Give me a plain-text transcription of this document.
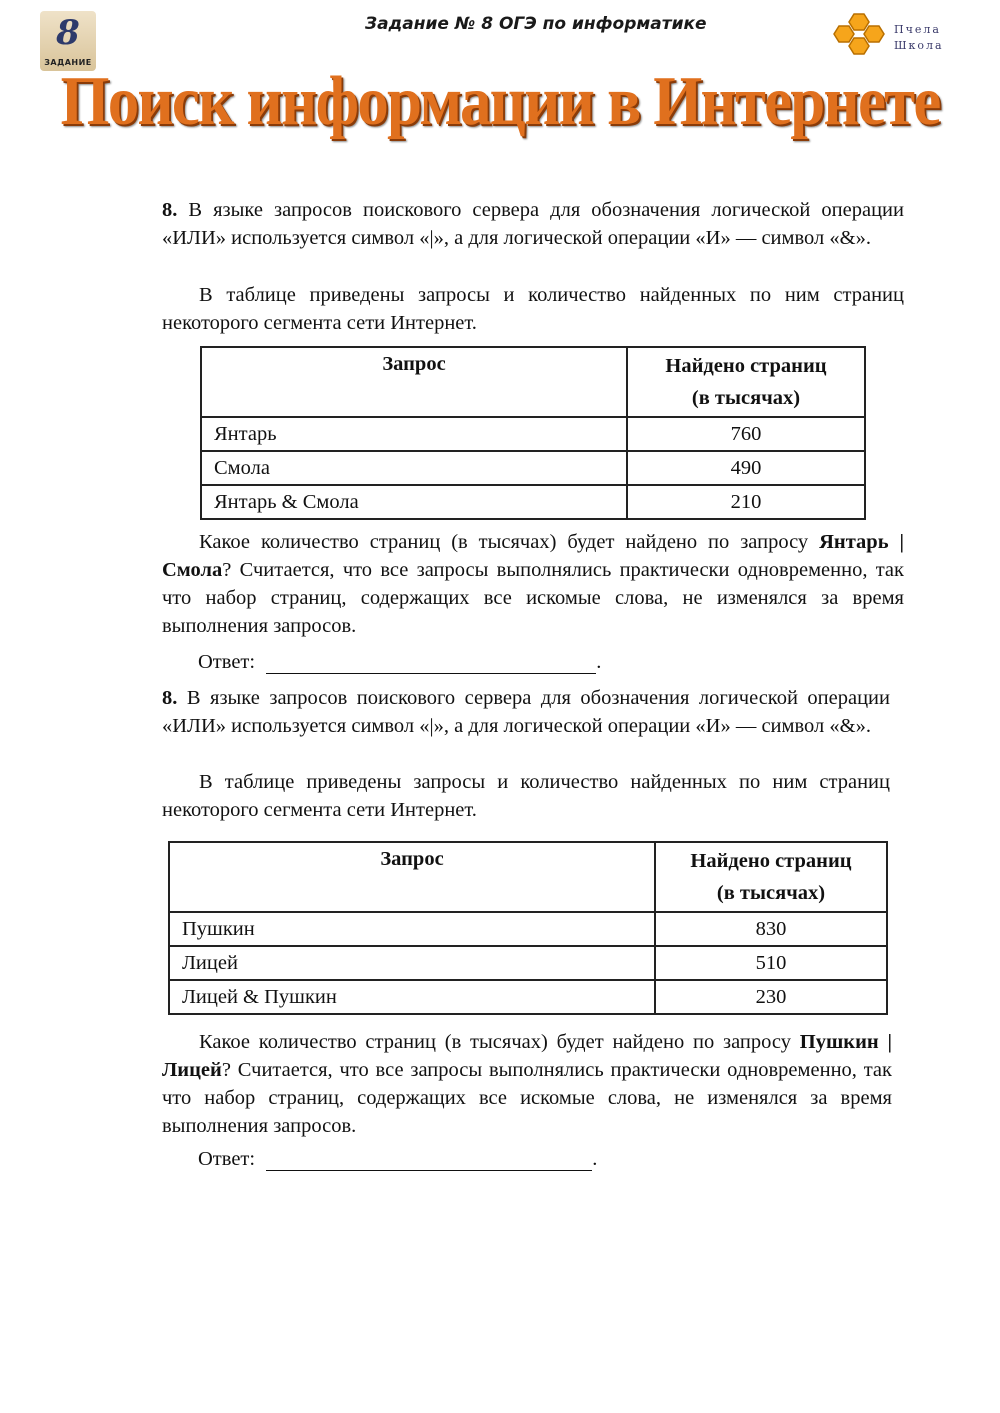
8
ЗАДАНИЕ
Задание № 8 ОГЭ по информатике	Пчела
Школа
Поиск информации в Интернете
8. В языке запросов поискового сервера для обозначения логической операции «ИЛИ» используется символ «|», а для логической операции «И» — символ «&».
В таблице приведены запросы и количество найденных по ним страниц некоторого сегмента сети Интернет.
Запрос	Найдено страниц
(в тысячах)

Янтарь	760
Смола	490
Янтарь & Смола	210
Какое количество страниц (в тысячах) будет найдено по запросу Янтарь | Смола? Считается, что все запросы выполнялись практически одновременно, так что набор страниц, содержащих все искомые слова, не изменялся за время выполнения запросов.
Ответ:	.
8. В языке запросов поискового сервера для обозначения логической операции «ИЛИ» используется символ «|», а для логической операции «И» — символ «&».
В таблице приведены запросы и количество найденных по ним страниц некоторого сегмента сети Интернет.
Запрос	Найдено страниц
(в тысячах)

Пушкин	830
Лицей	510
Лицей & Пушкин	230
Какое количество страниц (в тысячах) будет найдено по запросу Пушкин | Лицей? Считается, что все запросы выполнялись практически одновременно, так что набор страниц, содержащих все искомые слова, не изменялся за время выполнения запросов.
Ответ:	.
